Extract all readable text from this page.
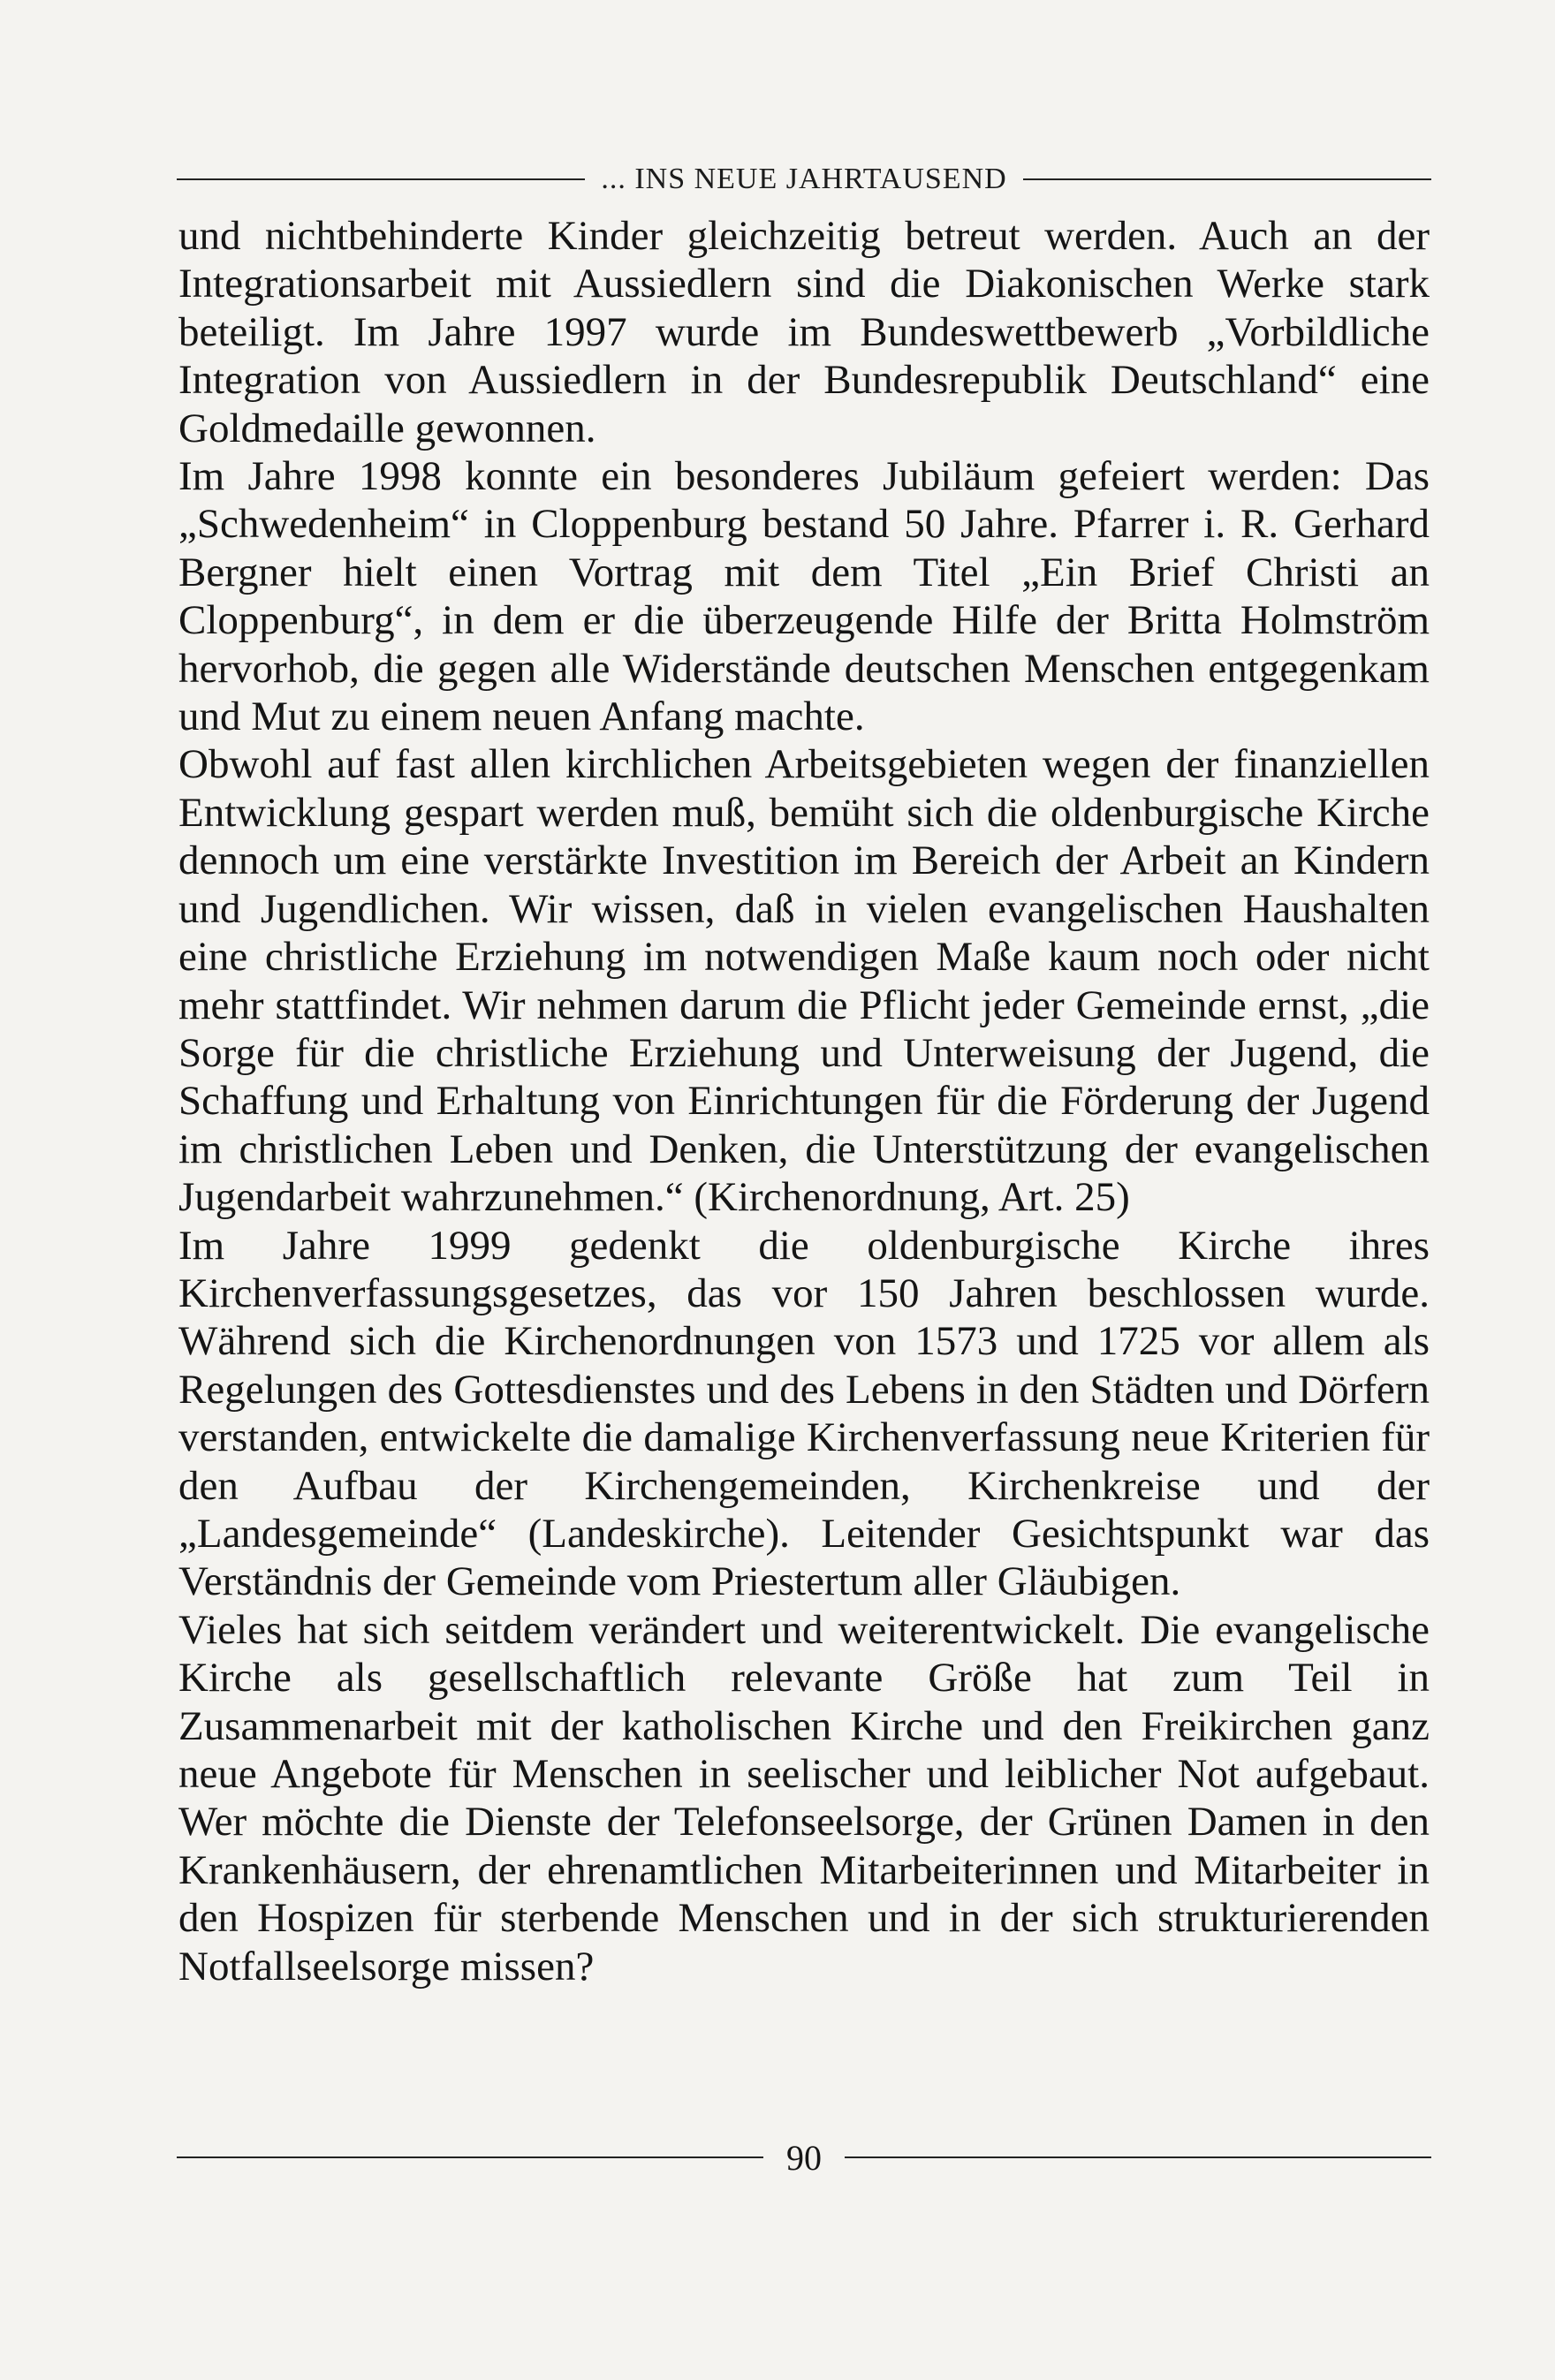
... INS NEUE JAHRTAUSEND

und nichtbehinderte Kinder gleichzeitig betreut werden. Auch an der Integrationsarbeit mit Aussiedlern sind die Diakonischen Werke stark beteiligt. Im Jahre 1997 wurde im Bundeswettbewerb „Vorbildliche Integration von Aussiedlern in der Bundesrepublik Deutschland“ eine Goldmedaille gewonnen.

Im Jahre 1998 konnte ein besonderes Jubiläum gefeiert werden: Das „Schwedenheim“ in Cloppenburg bestand 50 Jahre. Pfarrer i. R. Gerhard Bergner hielt einen Vortrag mit dem Titel „Ein Brief Christi an Cloppenburg“, in dem er die überzeugende Hilfe der Britta Holmström hervorhob, die gegen alle Widerstände deutschen Menschen entgegenkam und Mut zu einem neuen Anfang machte.

Obwohl auf fast allen kirchlichen Arbeitsgebieten wegen der finanziellen Entwicklung gespart werden muß, bemüht sich die oldenburgische Kirche dennoch um eine verstärkte Investition im Bereich der Arbeit an Kindern und Jugendlichen. Wir wissen, daß in vielen evangelischen Haushalten eine christliche Erziehung im notwendigen Maße kaum noch oder nicht mehr stattfindet. Wir nehmen darum die Pflicht jeder Gemeinde ernst, „die Sorge für die christliche Erziehung und Unterweisung der Jugend, die Schaffung und Erhaltung von Einrichtungen für die Förderung der Jugend im christlichen Leben und Denken, die Unterstützung der evangelischen Jugendarbeit wahrzunehmen.“ (Kirchenordnung, Art. 25)

Im Jahre 1999 gedenkt die oldenburgische Kirche ihres Kirchenverfassungsgesetzes, das vor 150 Jahren beschlossen wurde. Während sich die Kirchenordnungen von 1573 und 1725 vor allem als Regelungen des Gottesdienstes und des Lebens in den Städten und Dörfern verstanden, entwickelte die damalige Kirchenverfassung neue Kriterien für den Aufbau der Kirchengemeinden, Kirchenkreise und der „Landesgemeinde“ (Landeskirche). Leitender Gesichtspunkt war das Verständnis der Gemeinde vom Priestertum aller Gläubigen.

Vieles hat sich seitdem verändert und weiterentwickelt. Die evangelische Kirche als gesellschaftlich relevante Größe hat zum Teil in Zusammenarbeit mit der katholischen Kirche und den Freikirchen ganz neue Angebote für Menschen in seelischer und leiblicher Not aufgebaut. Wer möchte die Dienste der Telefonseelsorge, der Grünen Damen in den Krankenhäusern, der ehrenamtlichen Mitarbeiterinnen und Mitarbeiter in den Hospizen für sterbende Menschen und in der sich strukturierenden Notfallseelsorge missen?

90
